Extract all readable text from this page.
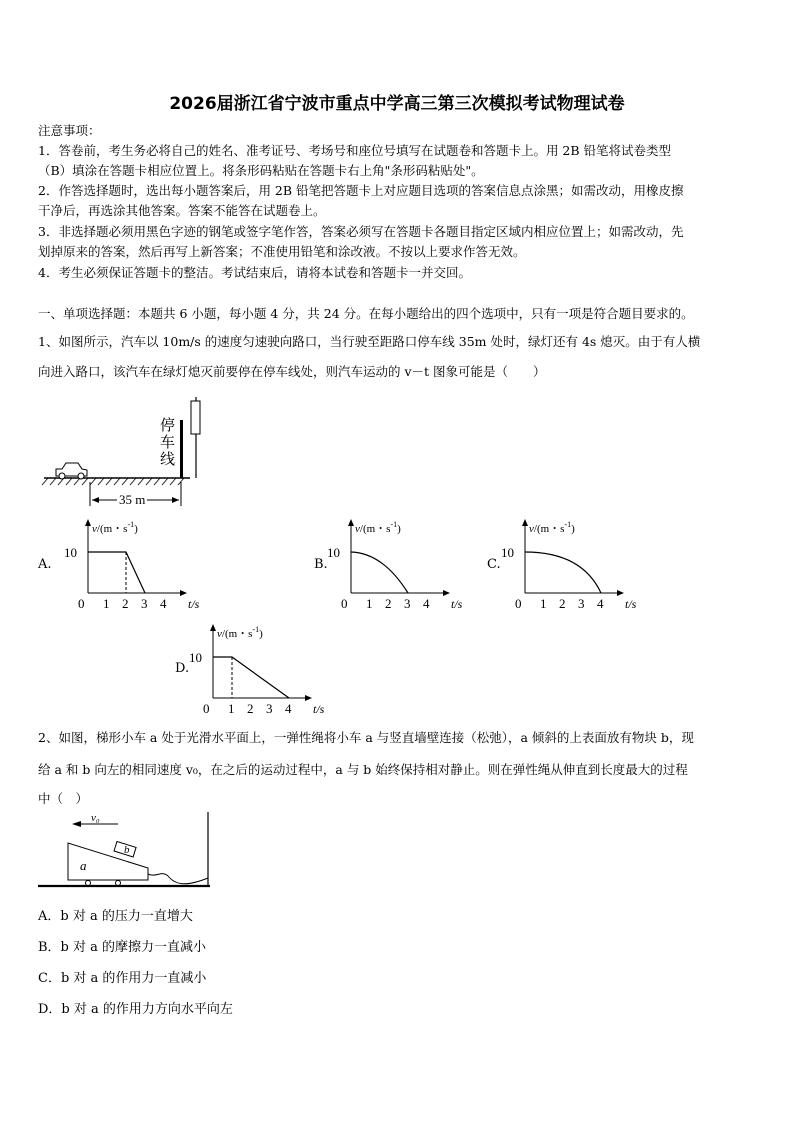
2026届浙江省宁波市重点中学高三第三次模拟考试物理试卷
注意事项：
1．答卷前，考生务必将自己的姓名、准考证号、考场号和座位号填写在试题卷和答题卡上。用 2B 铅笔将试卷类型
（B）填涂在答题卡相应位置上。将条形码粘贴在答题卡右上角"条形码粘贴处"。
2．作答选择题时，选出每小题答案后，用 2B 铅笔把答题卡上对应题目选项的答案信息点涂黑；如需改动，用橡皮擦
干净后，再选涂其他答案。答案不能答在试题卷上。
3．非选择题必须用黑色字迹的钢笔或签字笔作答，答案必须写在答题卡各题目指定区域内相应位置上；如需改动，先
划掉原来的答案，然后再写上新答案；不准使用铅笔和涂改液。不按以上要求作答无效。
4．考生必须保证答题卡的整洁。考试结束后，请将本试卷和答题卡一并交回。
一、单项选择题：本题共 6 小题，每小题 4 分，共 24 分。在每小题给出的四个选项中，只有一项是符合题目要求的。
1、如图所示，汽车以 10m/s 的速度匀速驶向路口，当行驶至距路口停车线 35m 处时，绿灯还有 4s 熄灭。由于有人横
向进入路口，该汽车在绿灯熄灭前要停在停车线处，则汽车运动的 v－t 图象可能是（　　）
停车线
35 m
A.
0 1 2 3 4 t/s
10
v/(m・$s^{-1}$)
B.
0 1 2 3 4 t/s
10
v/(m・$s^{-1}$)
C.
0 1 2 3 4 t/s
10
v/(m・$s^{-1}$)
D.
0 1 2 3 4 t/s
10
v/(m・$s^{-1}$)
2、如图，梯形小车 a 处于光滑水平面上，一弹性绳将小车 a 与竖直墙壁连接（松弛），a 倾斜的上表面放有物块 b，现
给 a 和 b 向左的相同速度 v₀，在之后的运动过程中，a 与 b 始终保持相对静止。则在弹性绳从伸直到长度最大的过程
中（　）
v₀
a
b
A．b 对 a 的压力一直增大
B．b 对 a 的摩擦力一直减小
C．b 对 a 的作用力一直减小
D．b 对 a 的作用力方向水平向左
